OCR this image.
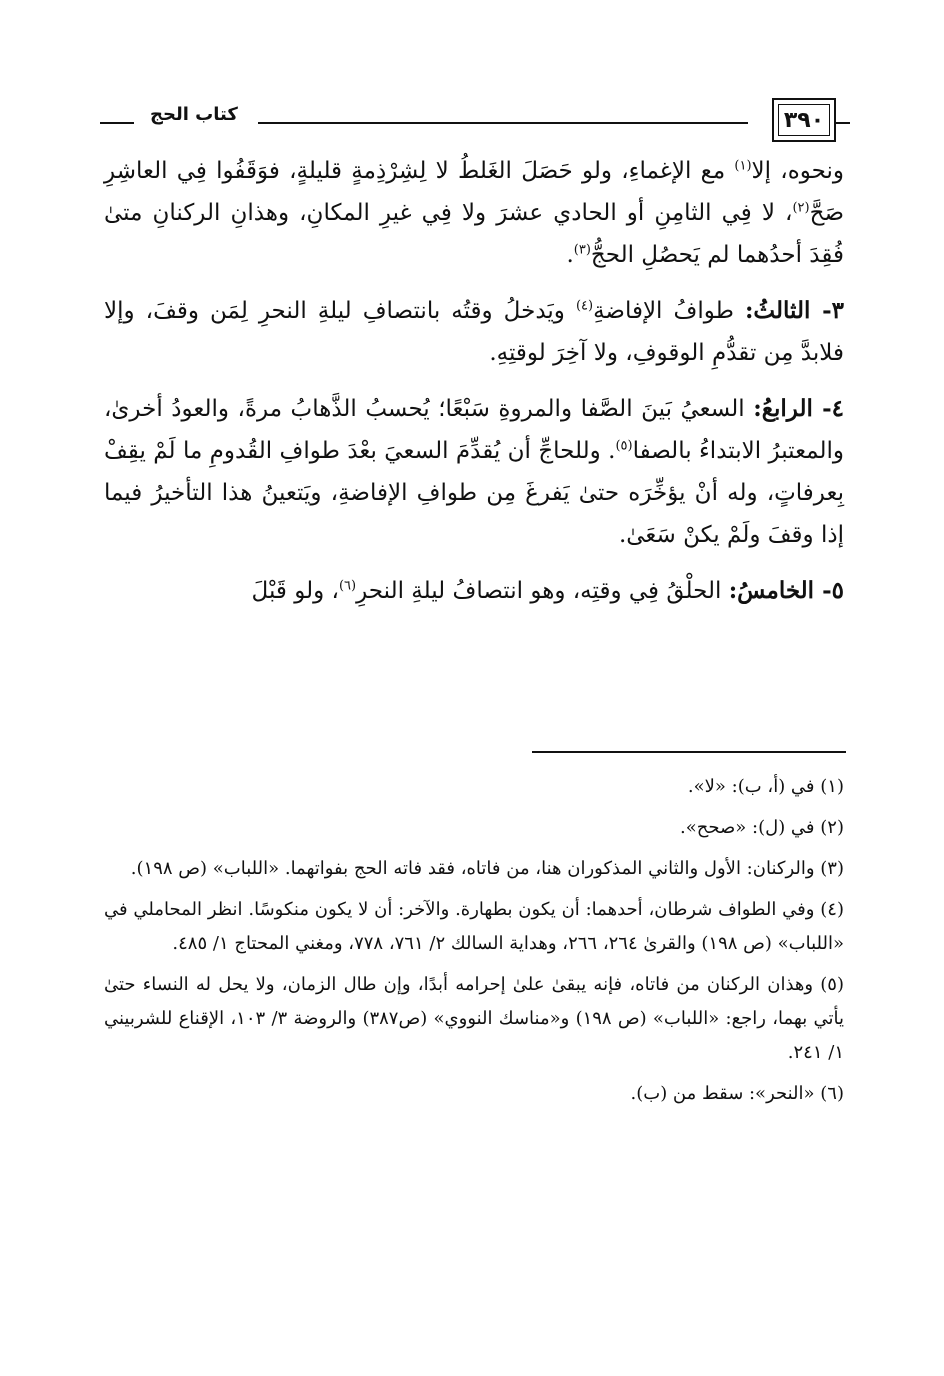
كتاب الحج	٣٩٠

ونحوه، إلا$^{(١)}$ مع الإغماءِ، ولو حَصَلَ الغَلطُ لا لِشِرْذِمةٍ قليلةٍ، فوَقَفُوا فِي العاشِرِ صَحَّ$^{(٢)}$، لا فِي الثامِنِ أو الحادي عشرَ ولا فِي غيرِ المكانِ، وهذانِ الركنانِ متىٰ فُقِدَ أحدُهما لم يَحصُلِ الحجُّ$^{(٣)}$.

٣- الثالثُ: طوافُ الإفاضةِ$^{(٤)}$ ويَدخلُ وقتُه بانتصافِ ليلةِ النحرِ لِمَن وقفَ، وإلا فلابدَّ مِن تقدُّمِ الوقوفِ، ولا آخِرَ لوقتِهِ.

٤- الرابعُ: السعيُ بَينَ الصَّفا والمروةِ سَبْعًا؛ يُحسبُ الذَّهابُ مرةً، والعودُ أخرىٰ، والمعتبرُ الابتداءُ بالصفا$^{(٥)}$. وللحاجِّ أن يُقدِّمَ السعيَ بعْدَ طوافِ القُدومِ ما لَمْ يقِفْ بِعرفاتٍ، وله أنْ يؤخِّرَه حتىٰ يَفرغَ مِن طوافِ الإفاضةِ، ويَتعينُ هذا التأخيرُ فيما إذا وقفَ ولَمْ يكنْ سَعَىٰ.

٥- الخامسُ: الحلْقُ فِي وقتِه، وهو انتصافُ ليلةِ النحرِ$^{(٦)}$، ولو قَبْلَ

(١) في (أ، ب): «لا».

(٢) في (ل): «صحح».

(٣) والركنان: الأول والثاني المذكوران هنا، من فاتاه، فقد فاته الحج بفواتهما. «اللباب» (ص ١٩٨).

(٤) وفي الطواف شرطان، أحدهما: أن يكون بطهارة. والآخر: أن لا يكون منكوسًا. انظر المحاملي في «اللباب» (ص ١٩٨) والقرىٰ ٢٦٤، ٢٦٦، وهداية السالك ٢/ ٧٦١، ٧٧٨، ومغني المحتاج ١/ ٤٨٥.

(٥) وهذان الركنان من فاتاه، فإنه يبقىٰ علىٰ إحرامه أبدًا، وإن طال الزمان، ولا يحل له النساء حتىٰ يأتي بهما، راجع: «اللباب» (ص ١٩٨) و«مناسك النووي» (ص٣٨٧) والروضة ٣/ ١٠٣، الإقناع للشربيني ١/ ٢٤١.

(٦) «النحر»: سقط من (ب).
